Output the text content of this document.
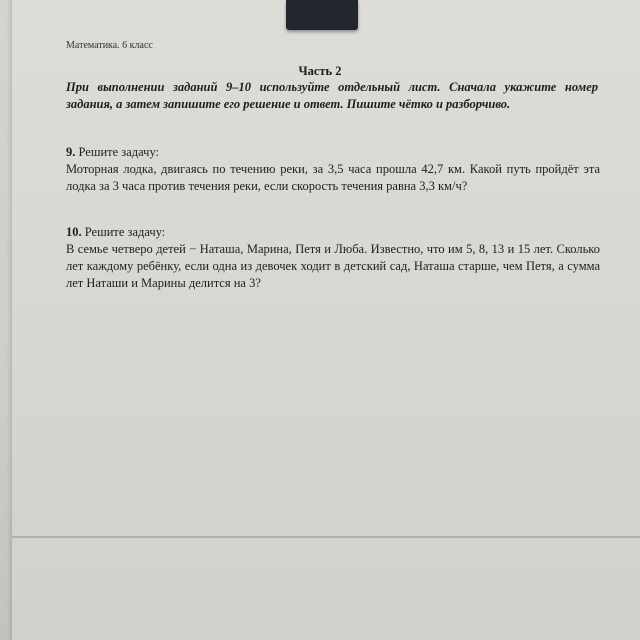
Математика. 6 класс
Часть 2
При выполнении заданий 9–10 используйте отдельный лист. Сначала укажите номер задания, а затем запишите его решение и ответ. Пишите чётко и разборчиво.
9. Решите задачу:
Моторная лодка, двигаясь по течению реки, за 3,5 часа прошла 42,7 км. Какой путь пройдёт эта лодка за 3 часа против течения реки, если скорость течения равна 3,3 км/ч?
10. Решите задачу:
В семье четверо детей − Наташа, Марина, Петя и Люба. Известно, что им 5, 8, 13 и 15 лет. Сколько лет каждому ребёнку, если одна из девочек ходит в детский сад, Наташа старше, чем Петя, а сумма лет Наташи и Марины делится на 3?
